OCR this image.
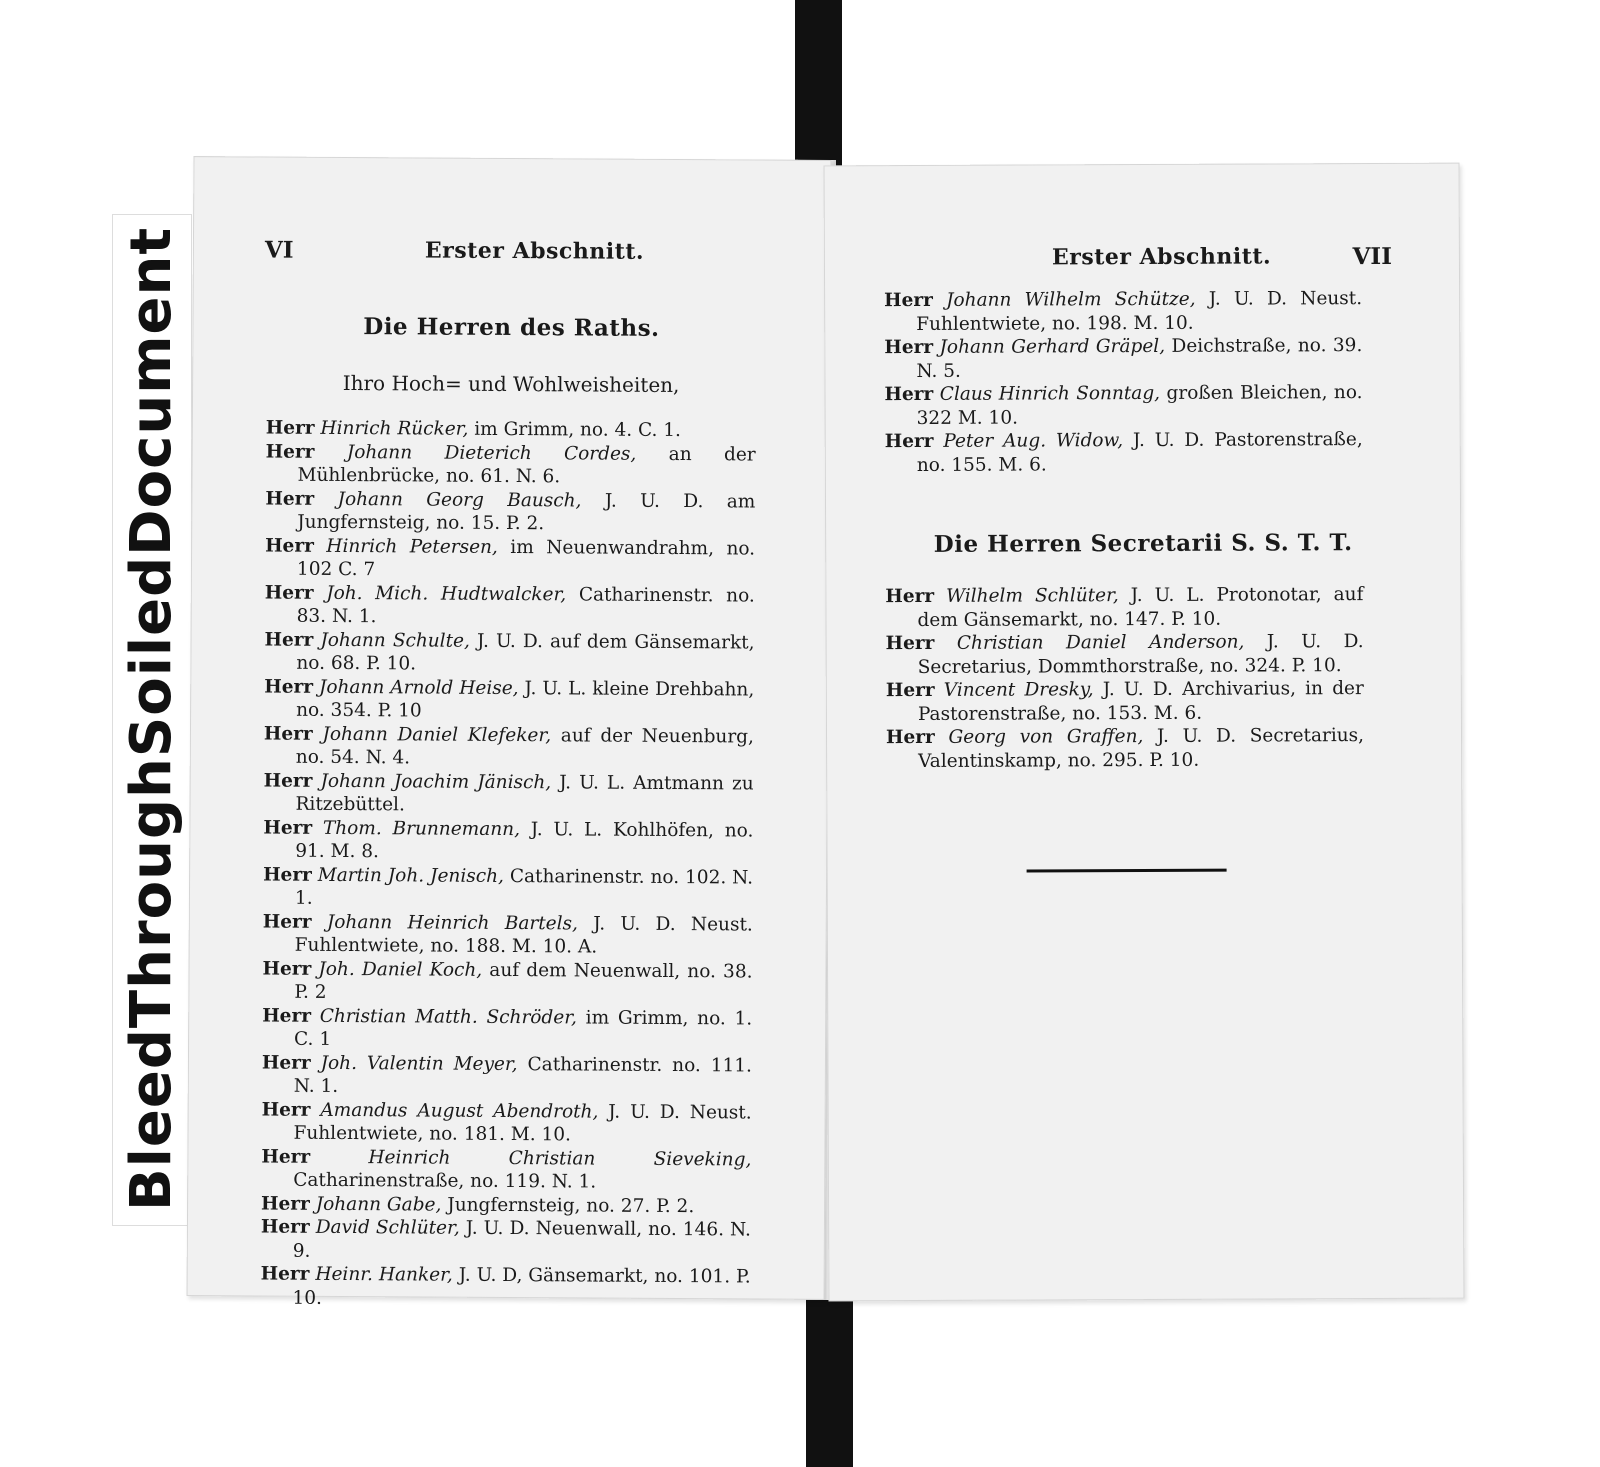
Bleed
Through
Soiled
Document	VI	Erster Abschnitt.
Die Herren des Raths.
Ihro Hoch= und Wohlweisheiten,
Herr Hinrich Rücker, im Grimm, no. 4. C. 1.
Herr Johann Dieterich Cordes, an der Mühlenbrücke, no. 61. N. 6.
Herr Johann Georg Bausch, J. U. D. am Jungfernsteig, no. 15. P. 2.
Herr Hinrich Petersen, im Neuenwandrahm, no. 102 C. 7
Herr Joh. Mich. Hudtwalcker, Catharinenstr. no. 83. N. 1.
Herr Johann Schulte, J. U. D. auf dem Gänsemarkt, no. 68. P. 10.
Herr Johann Arnold Heise, J. U. L. kleine Drehbahn, no. 354. P. 10
Herr Johann Daniel Klefeker, auf der Neuenburg, no. 54. N. 4.
Herr Johann Joachim Jänisch, J. U. L. Amtmann zu Ritzebüttel.
Herr Thom. Brunnemann, J. U. L. Kohlhöfen, no. 91. M. 8.
Herr Martin Joh. Jenisch, Catharinenstr. no. 102. N. 1.
Herr Johann Heinrich Bartels, J. U. D. Neust. Fuhlentwiete, no. 188. M. 10. A.
Herr Joh. Daniel Koch, auf dem Neuenwall, no. 38. P. 2
Herr Christian Matth. Schröder, im Grimm, no. 1. C. 1
Herr Joh. Valentin Meyer, Catharinenstr. no. 111. N. 1.
Herr Amandus August Abendroth, J. U. D. Neust. Fuhlentwiete, no. 181. M. 10.
Herr	Heinrich Christian Sieveking, Catharinenstraße, no. 119. N. 1.
Herr Johann Gabe, Jungfernsteig, no. 27. P. 2.
Herr David Schlüter, J. U. D. Neuenwall, no. 146. N. 9.
Herr Heinr. Hanker, J. U. D, Gänsemarkt, no. 101. P. 10.
Erster Abschnitt.	VII
Herr Johann Wilhelm Schütze, J. U. D. Neust. Fuhlentwiete, no. 198. M. 10.
Herr Johann Gerhard Gräpel, Deichstraße, no. 39. N. 5.
Herr Claus Hinrich Sonntag, großen Bleichen, no. 322 M. 10.
Herr Peter Aug. Widow, J. U. D. Pastorenstraße, no. 155. M. 6.
Die Herren Secretarii S. S. T. T.
Herr Wilhelm Schlüter, J. U. L. Protonotar, auf dem Gänsemarkt, no. 147. P. 10.
Herr Christian Daniel Anderson, J. U. D. Secretarius, Dommthorstraße, no. 324. P. 10.
Herr Vincent Dresky, J. U. D. Archivarius, in der Pastorenstraße, no. 153. M. 6.
Herr Georg von Graffen, J. U. D. Secretarius, Valentinskamp, no. 295. P. 10.
